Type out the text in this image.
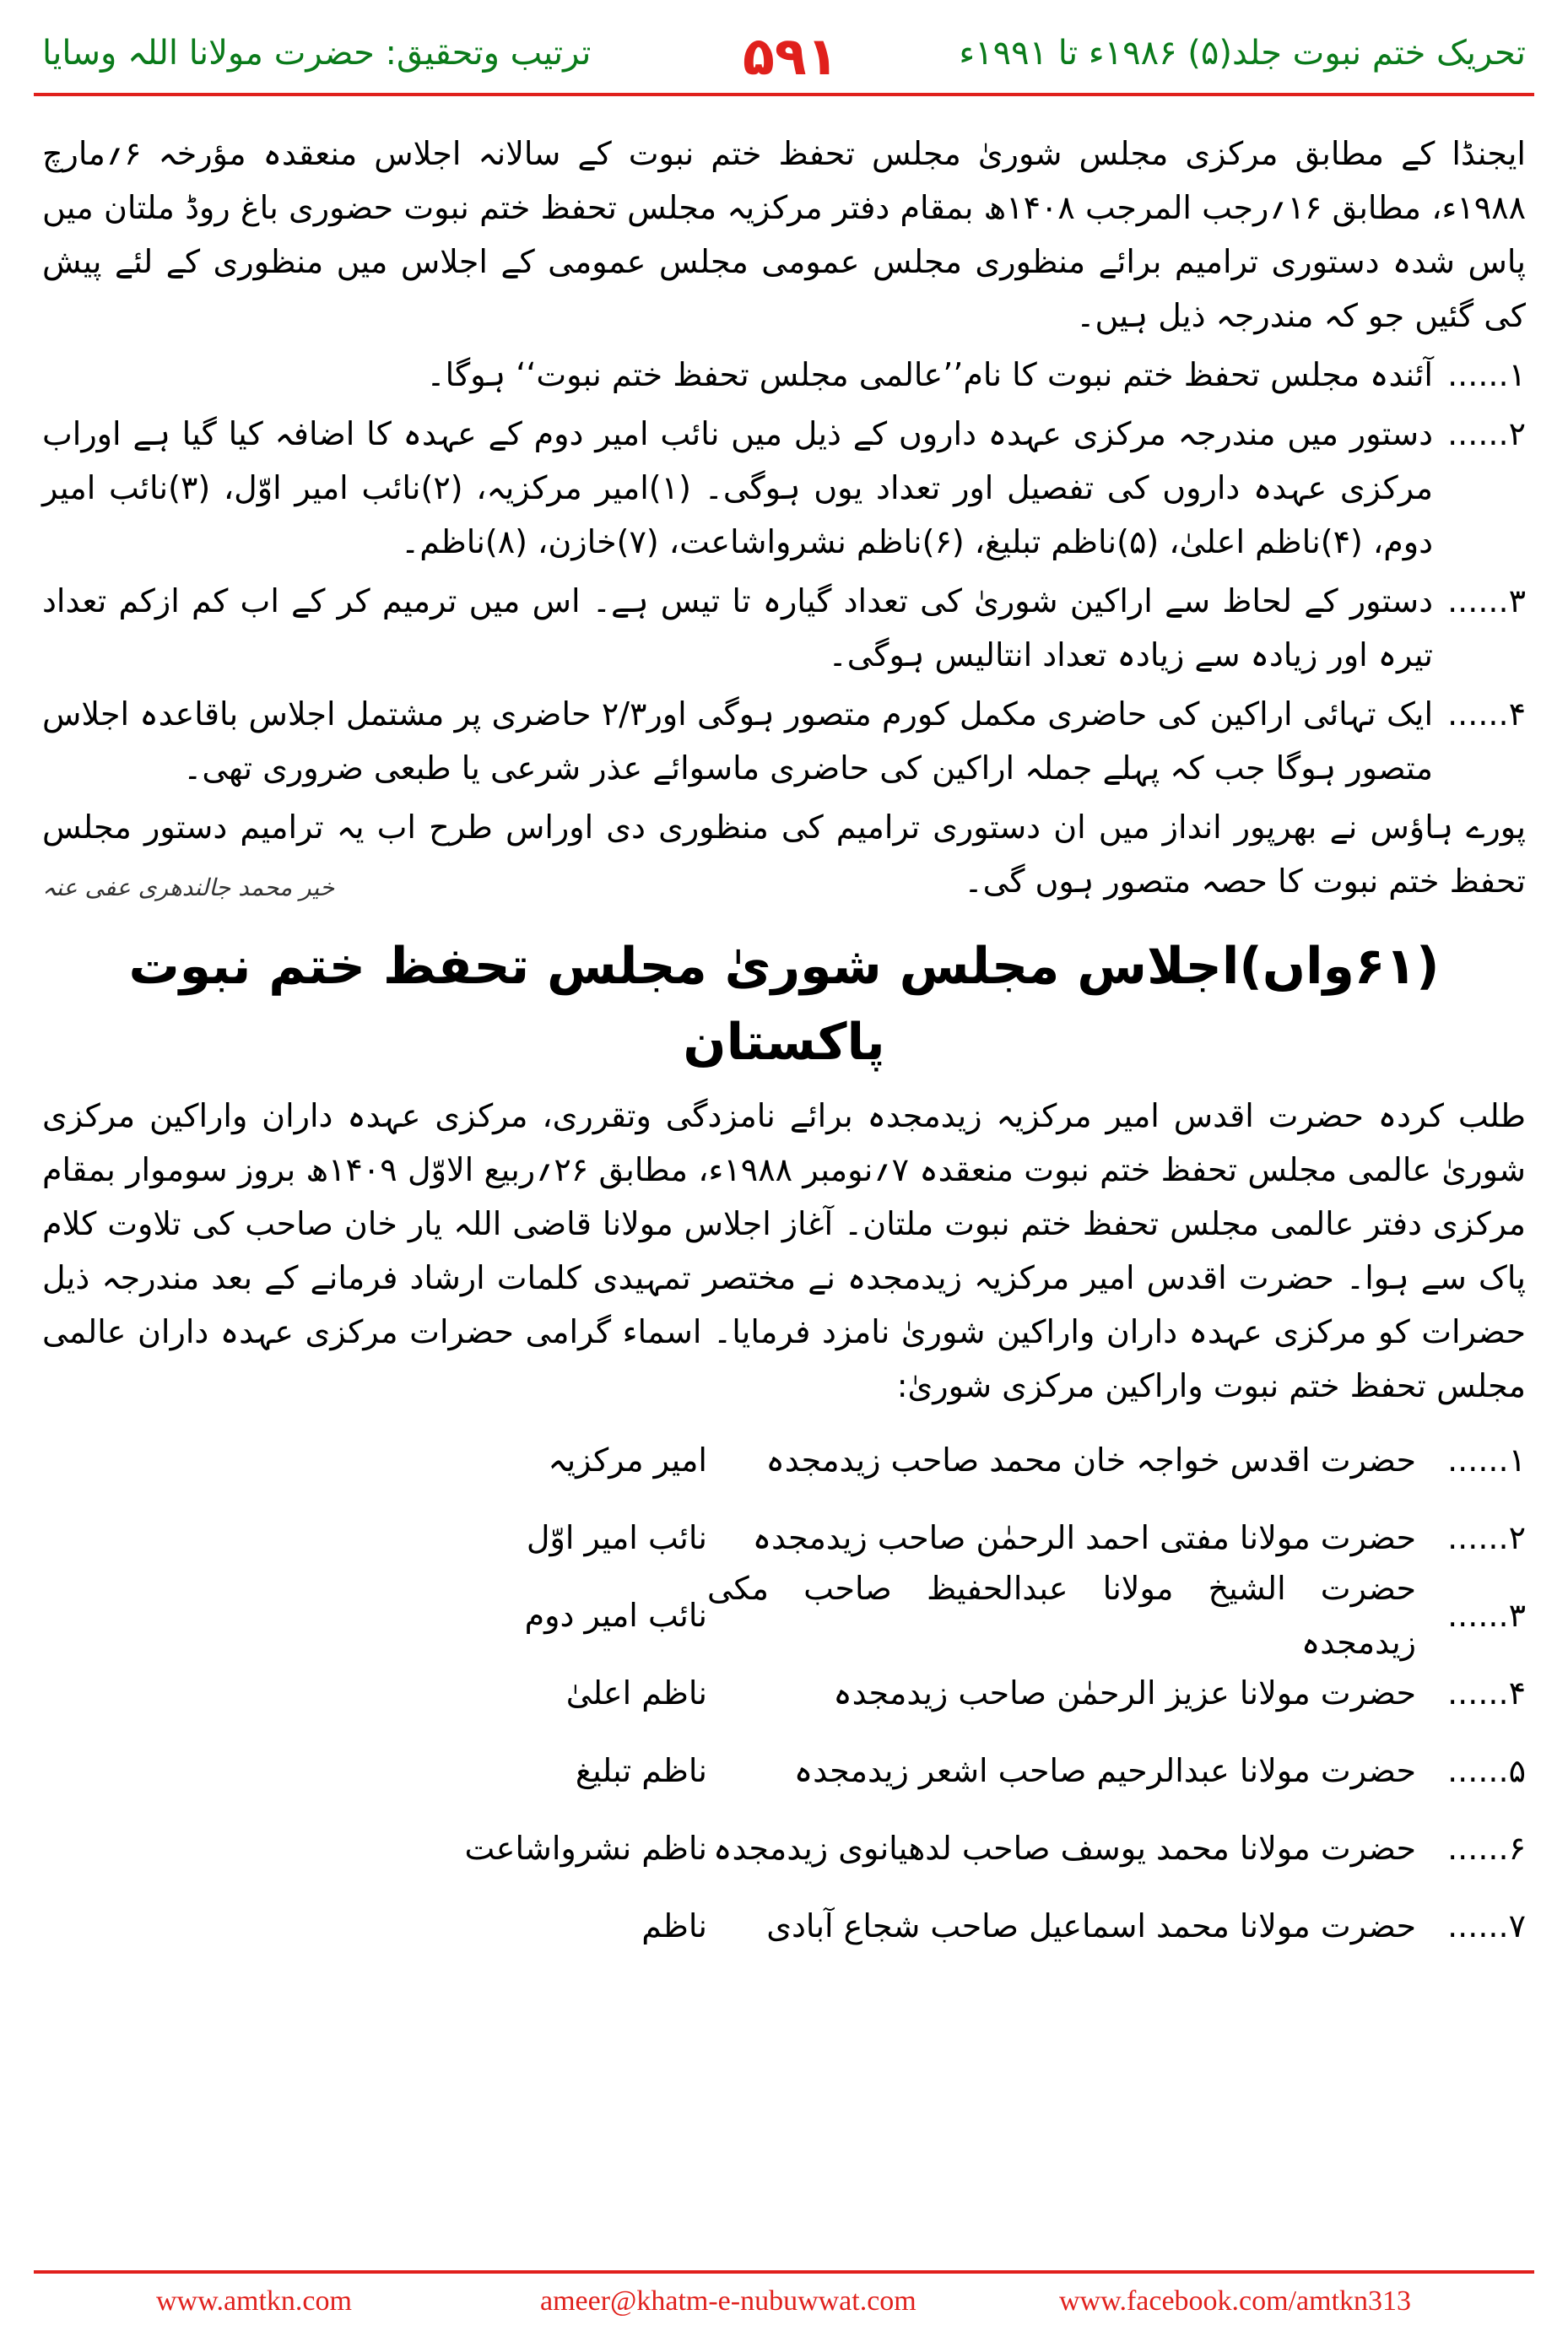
تحریک ختم نبوت جلد(۵) ۱۹۸۶ء تا ۱۹۹۱ء
۵۹۱
ترتیب وتحقیق: حضرت مولانا اللہ وسایا

ایجنڈا کے مطابق مرکزی مجلس شوریٰ مجلس تحفظ ختم نبوت کے سالانہ اجلاس منعقدہ مؤرخہ ۶؍مارچ ۱۹۸۸ء، مطابق ۱۶؍رجب المرجب ۱۴۰۸ھ بمقام دفتر مرکزیہ مجلس تحفظ ختم نبوت حضوری باغ روڈ ملتان میں پاس شدہ دستوری ترامیم برائے منظوری مجلس عمومی مجلس عمومی کے اجلاس میں منظوری کے لئے پیش کی گئیں جو کہ مندرجہ ذیل ہیں۔

۱......
آئندہ مجلس تحفظ ختم نبوت کا نام’’عالمی مجلس تحفظ ختم نبوت‘‘ ہوگا۔
۲......
دستور میں مندرجہ مرکزی عہدہ داروں کے ذیل میں نائب امیر دوم کے عہدہ کا اضافہ کیا گیا ہے اوراب مرکزی عہدہ داروں کی تفصیل اور تعداد یوں ہوگی۔ (۱)امیر مرکزیہ، (۲)نائب امیر اوّل، (۳)نائب امیر دوم، (۴)ناظم اعلیٰ، (۵)ناظم تبلیغ، (۶)ناظم نشرواشاعت، (۷)خازن، (۸)ناظم۔
۳......
دستور کے لحاظ سے اراکین شوریٰ کی تعداد گیارہ تا تیس ہے۔ اس میں ترمیم کر کے اب کم ازکم تعداد تیرہ اور زیادہ سے زیادہ تعداد انتالیس ہوگی۔
۴......
ایک تہائی اراکین کی حاضری مکمل کورم متصور ہوگی اور۲/۳ حاضری پر مشتمل اجلاس باقاعدہ اجلاس متصور ہوگا جب کہ پہلے جملہ اراکین کی حاضری ماسوائے عذر شرعی یا طبعی ضروری تھی۔

پورے ہاؤس نے بھرپور انداز میں ان دستوری ترامیم کی منظوری دی اوراس طرح اب یہ ترامیم دستور مجلس تحفظ ختم نبوت کا حصہ متصور ہوں گی۔

خیر محمد جالندھری عفی عنہ
(۶۱واں)اجلاس مجلس شوریٰ مجلس تحفظ ختم نبوت پاکستان

طلب کردہ حضرت اقدس امیر مرکزیہ زیدمجدہ برائے نامزدگی وتقرری، مرکزی عہدہ داران واراکین مرکزی شوریٰ عالمی مجلس تحفظ ختم نبوت منعقدہ ۷؍نومبر ۱۹۸۸ء، مطابق ۲۶؍ربیع الاوّل ۱۴۰۹ھ بروز سوموار بمقام مرکزی دفتر عالمی مجلس تحفظ ختم نبوت ملتان۔ آغاز اجلاس مولانا قاضی اللہ یار خان صاحب کی تلاوت کلام پاک سے ہوا۔ حضرت اقدس امیر مرکزیہ زیدمجدہ نے مختصر تمہیدی کلمات ارشاد فرمانے کے بعد مندرجہ ذیل حضرات کو مرکزی عہدہ داران واراکین شوریٰ نامزد فرمایا۔ اسماء گرامی حضرات مرکزی عہدہ داران عالمی مجلس تحفظ ختم نبوت واراکین مرکزی شوریٰ:

۱......
حضرت اقدس خواجہ خان محمد صاحب زیدمجدہ
امیر مرکزیہ
۲......
حضرت مولانا مفتی احمد الرحمٰن صاحب زیدمجدہ
نائب امیر اوّل
۳......
حضرت الشیخ مولانا عبدالحفیظ صاحب مکی زیدمجدہ
نائب امیر دوم
۴......
حضرت مولانا عزیز الرحمٰن صاحب زیدمجدہ
ناظم اعلیٰ
۵......
حضرت مولانا عبدالرحیم صاحب اشعر زیدمجدہ
ناظم تبلیغ
۶......
حضرت مولانا محمد یوسف صاحب لدھیانوی زیدمجدہ
ناظم نشرواشاعت
۷......
حضرت مولانا محمد اسماعیل صاحب شجاع آبادی
ناظم
www.amtkn.com	ameer@khatm-e-nubuwwat.com	www.facebook.com/amtkn313
